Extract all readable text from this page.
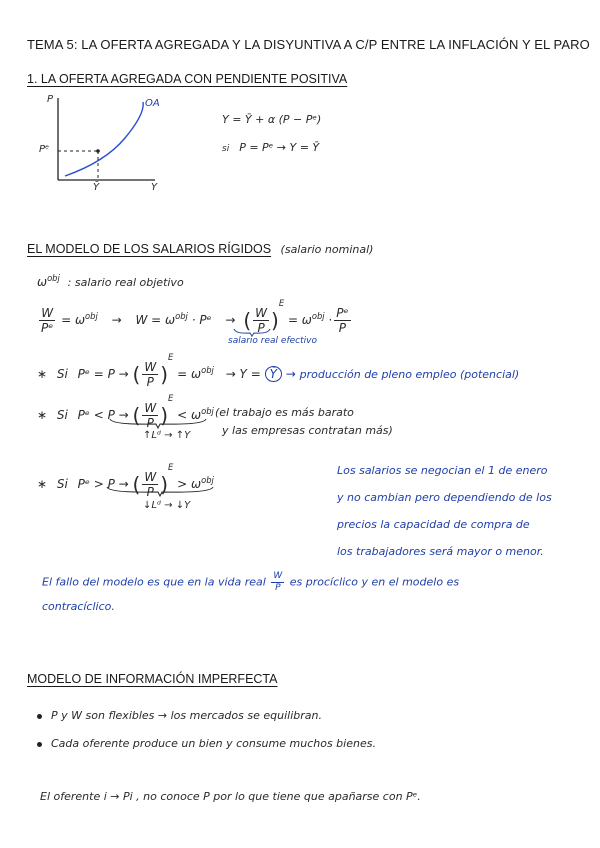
TEMA 5: LA OFERTA AGREGADA Y LA DISYUNTIVA A C/P ENTRE LA INFLACIÓN Y EL PARO
1. LA OFERTA AGREGADA CON PENDIENTE POSITIVA
P	OA
Pᵉ
Ȳ	Y
Y = Ȳ + α (P − Pᵉ)
si P = Pᵉ → Y = Ȳ
EL MODELO DE LOS SALARIOS RÍGIDOS (salario nominal)
$\omega^{obj}$ : salario real objetivo
$\frac{W}{\text{Pᵉ}} = \omega^{obj} \to W = \omega^{obj}$ · Pᵉ → ( $\frac{W}{P} )^E = \omega^{obj} \cdot \frac{\text{Pᵉ}}{P}$
salario real efectivo
∗ Si Pᵉ = P → ( $\frac{W}{P} )^E = \omega^{obj} \to Y$ = Ȳ → producción de pleno empleo (potencial)
∗ Si Pᵉ < P → ( $\frac{W}{P} )^E < \omega^{obj}$
↑Lᵈ → ↑Y
(el trabajo es más barato
y las empresas contratan más)
∗ Si Pᵉ > P → ( $\frac{W}{P} )^E > \omega^{obj}$
↓Lᵈ → ↓Y
Los salarios se negocian el 1 de enero
y no cambian pero dependiendo de los
precios la capacidad de compra de
los trabajadores será mayor o menor.
El fallo del modelo es que en la vida real $\frac{W}{P}$ es procíclico y en el modelo es
contracíclico.
MODELO DE INFORMACIÓN IMPERFECTA
P y W son flexibles → los mercados se equilibran.
Cada oferente produce un bien y consume muchos bienes.
El oferente i → Pi , no conoce P por lo que tiene que apañarse con Pᵉ.
